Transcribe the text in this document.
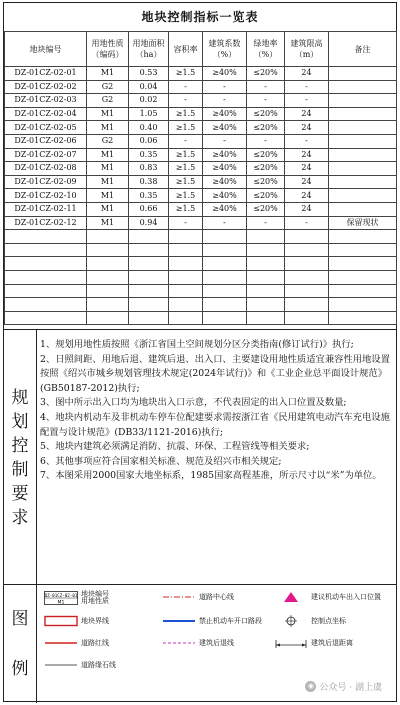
地块控制指标一览表
地块编号	用地性质 （编码）	用地面积 （ha）	容积率	建筑系数 （%）	绿地率 （%）	建筑限高 （m）	备注
DZ-01CZ-02-01	M1	0.53	≥1.5	≥40%	≤20%	24	
DZ-01CZ-02-02	G2	0.04	-	-	-	-	
DZ-01CZ-02-03	G2	0.02	-	-	-	-	
DZ-01CZ-02-04	M1	1.05	≥1.5	≥40%	≤20%	24	
DZ-01CZ-02-05	M1	0.40	≥1.5	≥40%	≤20%	24	
DZ-01CZ-02-06	G2	0.06	-	-	-	-	
DZ-01CZ-02-07	M1	0.35	≥1.5	≥40%	≤20%	24	
DZ-01CZ-02-08	M1	0.83	≥1.5	≥40%	≤20%	24	
DZ-01CZ-02-09	M1	0.38	≥1.5	≥40%	≤20%	24	
DZ-01CZ-02-10	M1	0.35	≥1.5	≥40%	≤20%	24	
DZ-01CZ-02-11	M1	0.66	≥1.5	≥40%	≤20%	24	
DZ-01CZ-02-12	M1	0.94	-	-	-	-	保留现状

规
划
控
制
要
求

1、规划用地性质按照《浙江省国土空间规划分区分类指南(修订试行)》执行;

2、日照间距、用地后退、建筑后退、出入口、主要建设用地性质适宜兼容性用地设置按照《绍兴市城乡规划管理技术规定(2024年试行)》和《工业企业总平面设计规范》(GB50187-2012)执行;

3、图中所示出入口均为地块出入口示意，不代表固定的出入口位置及数量;

4、地块内机动车及非机动车停车位配建要求需按浙江省《民用建筑电动汽车充电设施配置与设计规范》(DB33/1121-2016)执行;

5、地块内建筑必须满足消防、抗震、环保、工程管线等相关要求;

6、其他事项应符合国家相关标准、规范及绍兴市相关规定;

7、本图采用2000国家大地坐标系，1985国家高程基准，所示尺寸以“米”为单位。

图
例
DZ-01CZ-02-01
M1
地块编号
用地性质
地块界线
道路红线
道路缘石线
道路中心线
禁止机动车开口路段
建筑后退线
建议机动车出入口位置
控制点坐标
建筑后退距离
◉ 公众号 · 湖上虞
